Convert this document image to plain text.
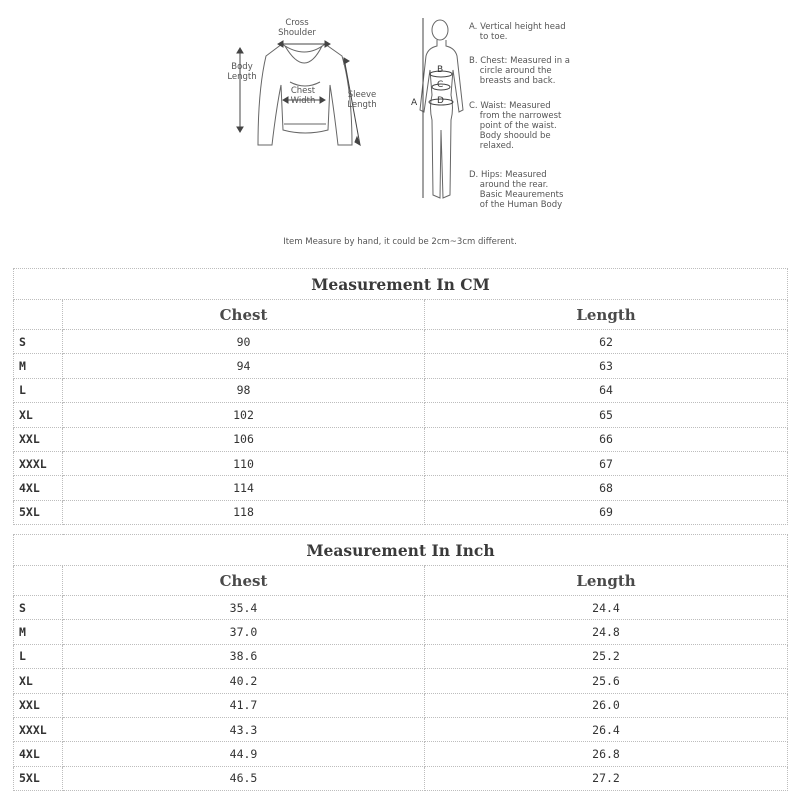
Cross
Shoulder
Body
Length
Chest
Width
Sleeve
Length	A
B
C
D
A. Vertical height head
to toe.
B. Chest: Measured in a
circle around the
breasts and back.
C. Waist: Measured
from the narrowest
point of the waist.
Body shoould be
relaxed.
D. Hips: Measured
around the rear.
Basic Meaurements
of the Human Body
Item Measure by hand, it could be 2cm~3cm different.
Measurement In CM		
	Chest	Length
S	90	62
M	94	63
L	98	64
XL	102	65
XXL	106	66
XXXL	110	67
4XL	114	68
5XL	118	69
Measurement In Inch		
	Chest	Length
S	35.4	24.4
M	37.0	24.8
L	38.6	25.2
XL	40.2	25.6
XXL	41.7	26.0
XXXL	43.3	26.4
4XL	44.9	26.8
5XL	46.5	27.2
